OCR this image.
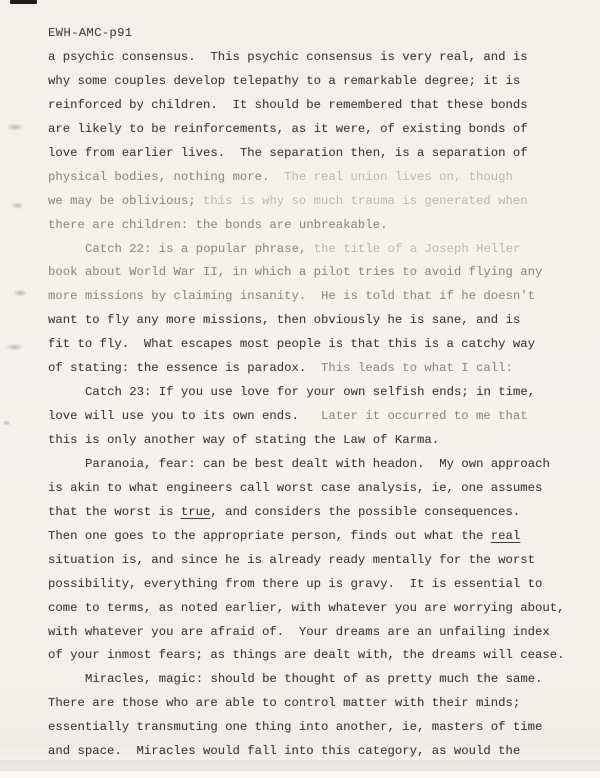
EWH-AMC-p91
a psychic consensus.  This psychic consensus is very real, and is
why some couples develop telepathy to a remarkable degree; it is
reinforced by children.  It should be remembered that these bonds
are likely to be reinforcements, as it were, of existing bonds of
love from earlier lives.  The separation then, is a separation of
physical bodies, nothing more.  The real union lives on, though
we may be oblivious; this is why so much trauma is generated when
there are children: the bonds are unbreakable.
Catch 22: is a popular phrase, the title of a Joseph Heller
book about World War II, in which a pilot tries to avoid flying any
more missions by claiming insanity.  He is told that if he doesn't
want to fly any more missions, then obviously he is sane, and is
fit to fly.  What escapes most people is that this is a catchy way
of stating: the essence is paradox.  This leads to what I call:
Catch 23: If you use love for your own selfish ends; in time,
love will use you to its own ends.   Later it occurred to me that
this is only another way of stating the Law of Karma.
Paranoia, fear: can be best dealt with headon.  My own approach
is akin to what engineers call worst case analysis, ie, one assumes
that the worst is true, and considers the possible consequences.
Then one goes to the appropriate person, finds out what the real
situation is, and since he is already ready mentally for the worst
possibility, everything from there up is gravy.  It is essential to
come to terms, as noted earlier, with whatever you are worrying about,
with whatever you are afraid of.  Your dreams are an unfailing index
of your inmost fears; as things are dealt with, the dreams will cease.
Miracles, magic: should be thought of as pretty much the same.
There are those who are able to control matter with their minds;
essentially transmuting one thing into another, ie, masters of time
and space.  Miracles would fall into this category, as would the
